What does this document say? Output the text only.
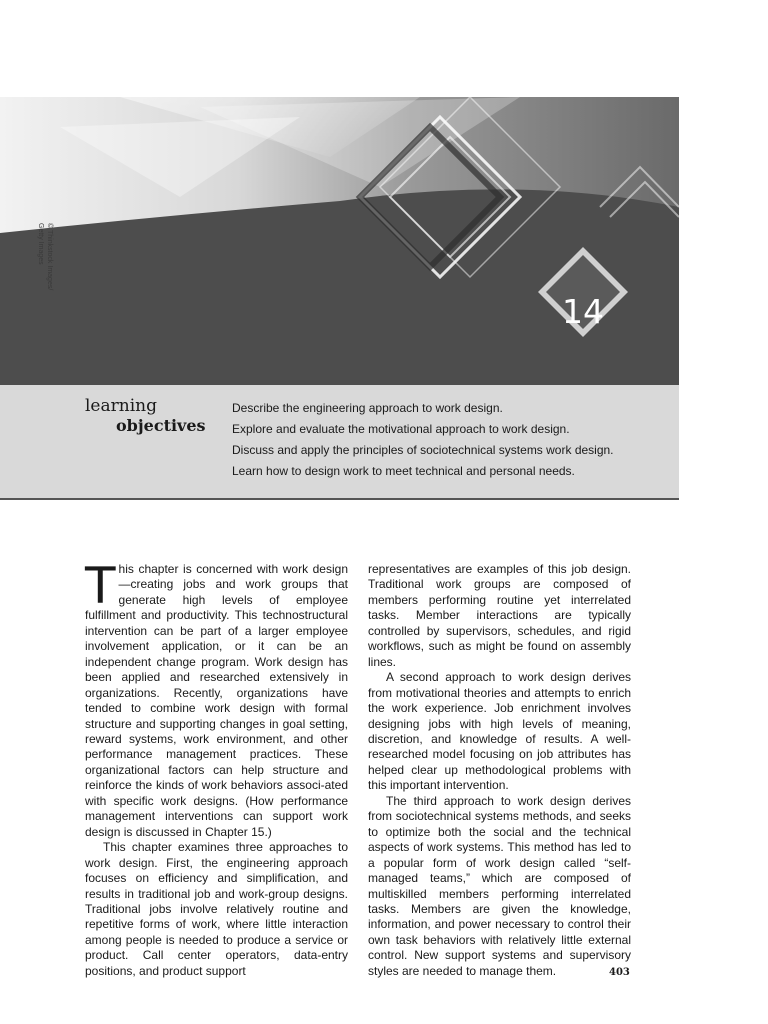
© Thinkstock Images/
Getty Images
14
learning
objectives
Describe the engineering approach to work design.
Explore and evaluate the motivational approach to work design.
Discuss and apply the principles of sociotechnical systems work design.
Learn how to design work to meet technical and personal needs.

This chapter is concerned with work design—creating jobs and work groups that generate high levels of employee fulfillment and productivity. This technostructural intervention can be part of a larger employee involvement application, or it can be an independent change program. Work design has been applied and researched extensively in organizations. Recently, organizations have tended to combine work design with formal structure and supporting changes in goal setting, reward systems, work environment, and other performance management practices. These organizational factors can help structure and reinforce the kinds of work behaviors associ-ated with specific work designs. (How performance management interventions can support work design is discussed in Chapter 15.)

This chapter examines three approaches to work design. First, the engineering approach focuses on efficiency and simplification, and results in traditional job and work-group designs. Traditional jobs involve relatively routine and repetitive forms of work, where little interaction among people is needed to produce a service or product. Call center operators, data-entry positions, and product support

representatives are examples of this job design. Traditional work groups are composed of members performing routine yet interrelated tasks. Member interactions are typically controlled by supervisors, schedules, and rigid workflows, such as might be found on assembly lines.

A second approach to work design derives from motivational theories and attempts to enrich the work experience. Job enrichment involves designing jobs with high levels of meaning, discretion, and knowledge of results. A well-researched model focusing on job attributes has helped clear up methodological problems with this important intervention.

The third approach to work design derives from sociotechnical systems methods, and seeks to optimize both the social and the technical aspects of work systems. This method has led to a popular form of work design called “self-managed teams,” which are composed of multiskilled members performing interrelated tasks. Members are given the knowledge, information, and power necessary to control their own task behaviors with relatively little external control. New support systems and supervisory styles are needed to manage them.	403
